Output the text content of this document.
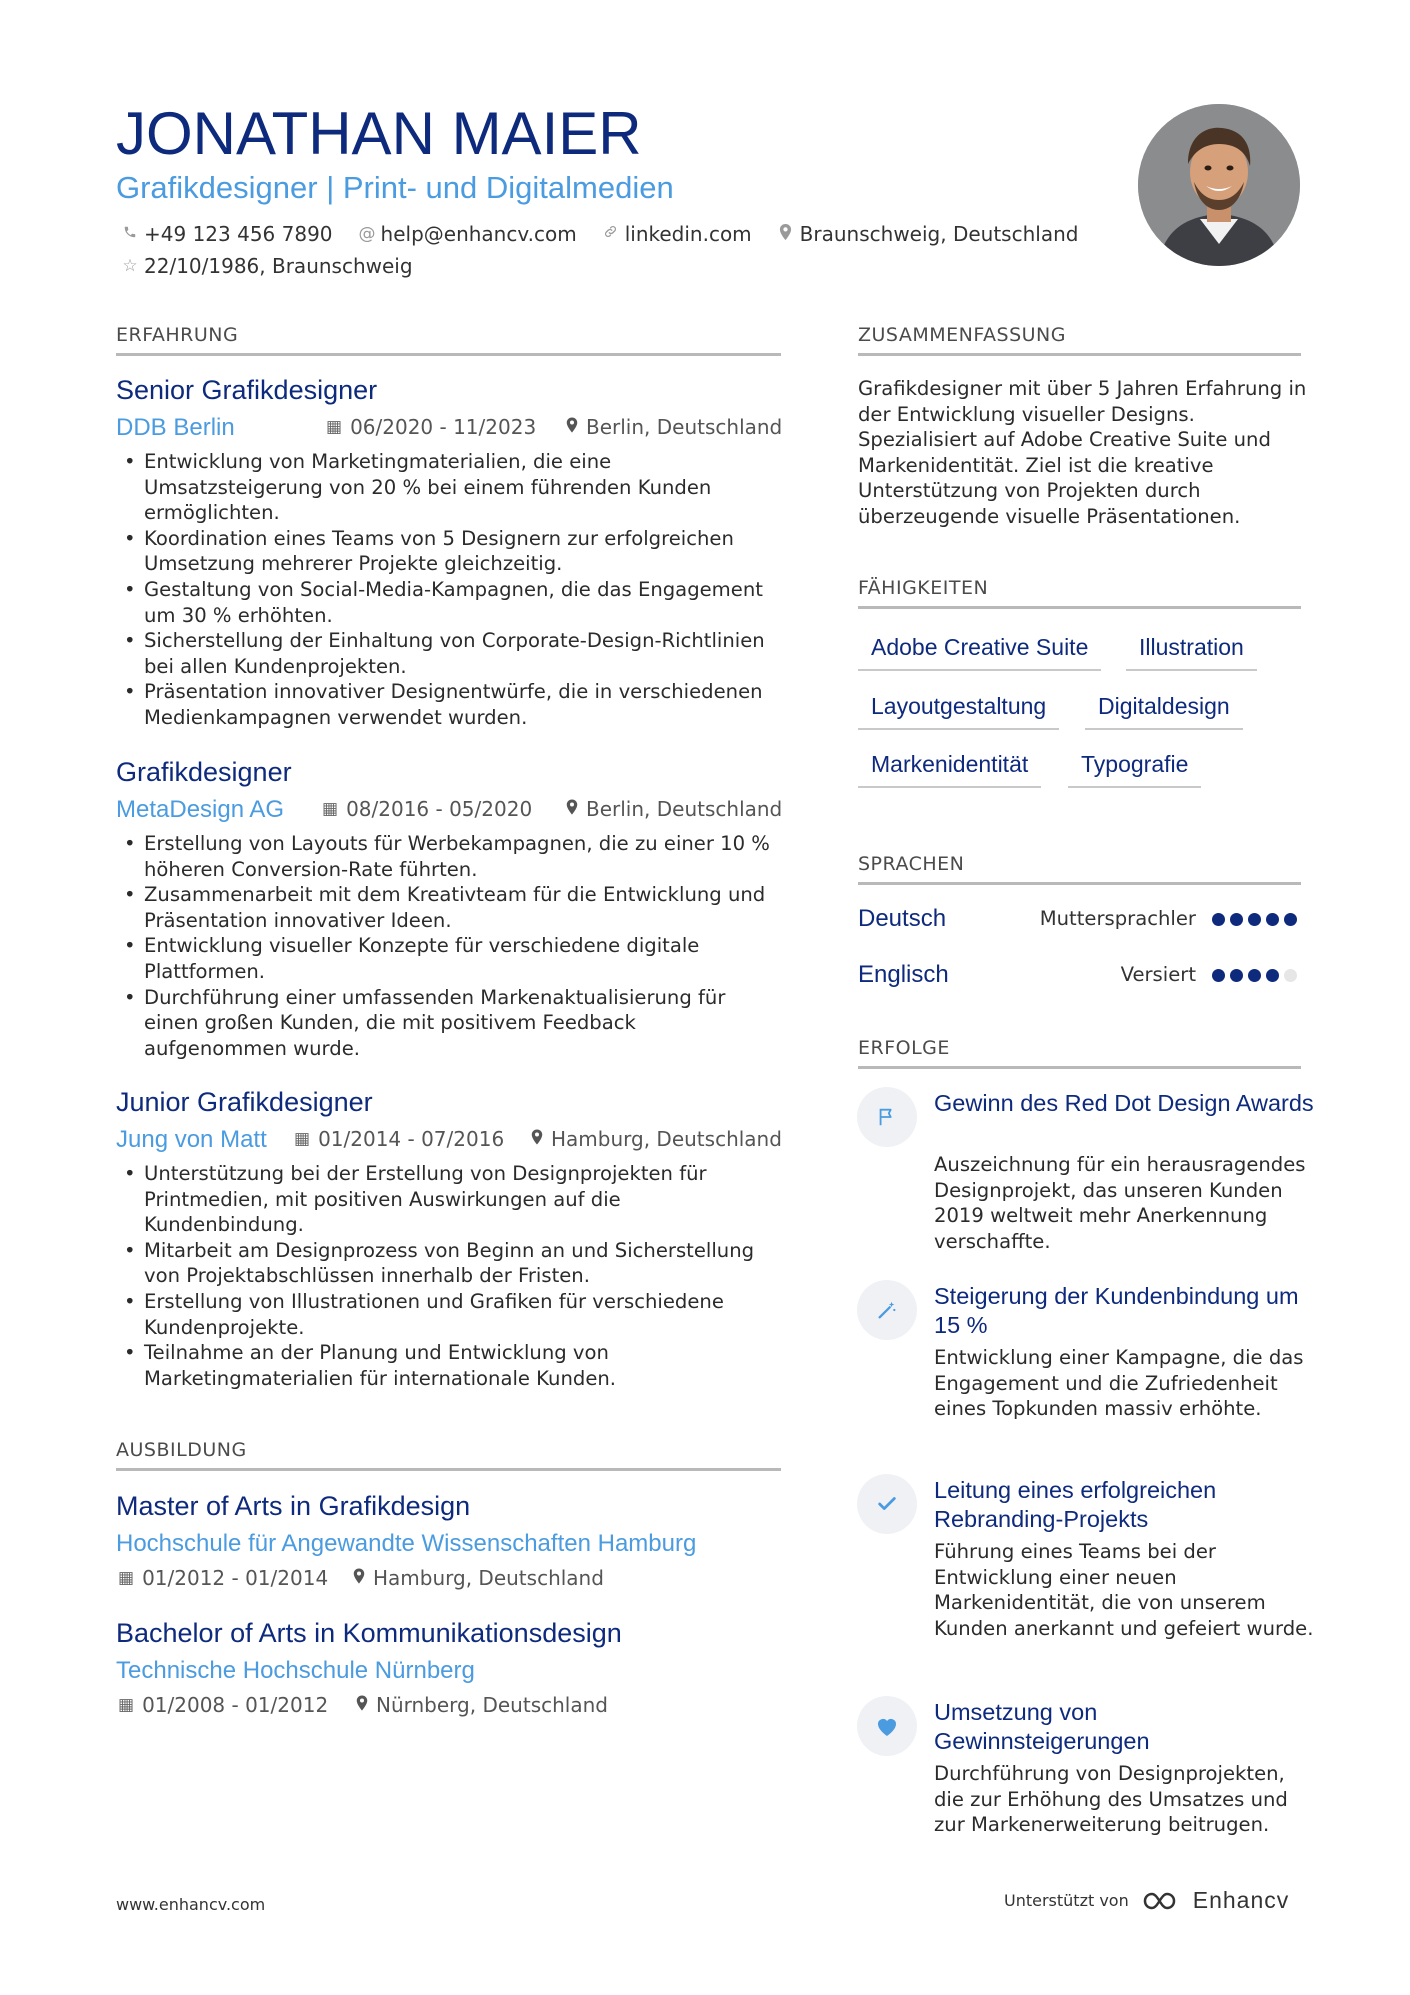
JONATHAN MAIER
Grafikdesigner | Print- und Digitalmedien
+49 123 456 7890 @ help@enhancv.com linkedin.com Braunschweig, Deutschland
☆ 22/10/1986, Braunschweig
ERFAHRUNG
Senior Grafikdesigner
DDB Berlin	▦ 06/2020 - 11/2023 Berlin, Deutschland
• Entwicklung von Marketingmaterialien, die eine Umsatzsteigerung von 20 % bei einem führenden Kunden ermöglichten.
• Koordination eines Teams von 5 Designern zur erfolgreichen Umsetzung mehrerer Projekte gleichzeitig.
• Gestaltung von Social-Media-Kampagnen, die das Engagement um 30 % erhöhten.
• Sicherstellung der Einhaltung von Corporate-Design-Richtlinien bei allen Kundenprojekten.
• Präsentation innovativer Designentwürfe, die in verschiedenen Medienkampagnen verwendet wurden.
Grafikdesigner
MetaDesign AG ▦ 08/2016 - 05/2020	Berlin, Deutschland
• Erstellung von Layouts für Werbekampagnen, die zu einer 10 % höheren Conversion-Rate führten.
• Zusammenarbeit mit dem Kreativteam für die Entwicklung und Präsentation innovativer Ideen.
• Entwicklung visueller Konzepte für verschiedene digitale Plattformen.
• Durchführung einer umfassenden Markenaktualisierung für einen großen Kunden, die mit positivem Feedback aufgenommen wurde.
Junior Grafikdesigner
Jung von Matt ▦ 01/2014 - 07/2016 Hamburg, Deutschland
• Unterstützung bei der Erstellung von Designprojekten für Printmedien, mit positiven Auswirkungen auf die Kundenbindung.
• Mitarbeit am Designprozess von Beginn an und Sicherstellung von Projektabschlüssen innerhalb der Fristen.
• Erstellung von Illustrationen und Grafiken für verschiedene Kundenprojekte.
• Teilnahme an der Planung und Entwicklung von Marketingmaterialien für internationale Kunden.
AUSBILDUNG
Master of Arts in Grafikdesign
Hochschule für Angewandte Wissenschaften Hamburg
▦ 01/2012 - 01/2014 Hamburg, Deutschland
Bachelor of Arts in Kommunikationsdesign
Technische Hochschule Nürnberg
▦ 01/2008 - 01/2012 Nürnberg, Deutschland
ZUSAMMENFASSUNG
Grafikdesigner mit über 5 Jahren Erfahrung in der Entwicklung visueller Designs. Spezialisiert auf Adobe Creative Suite und Markenidentität. Ziel ist die kreative Unterstützung von Projekten durch überzeugende visuelle Präsentationen.
FÄHIGKEITEN
Adobe Creative Suite	Illustration
Layoutgestaltung	Digitaldesign
Markenidentität	Typografie
SPRACHEN
Deutsch	Muttersprachler
Englisch	Versiert
ERFOLGE
Gewinn des Red Dot Design Awards
Auszeichnung für ein herausragendes Designprojekt, das unseren Kunden 2019 weltweit mehr Anerkennung verschaffte.
Steigerung der Kundenbindung um 15 %
Entwicklung einer Kampagne, die das Engagement und die Zufriedenheit eines Topkunden massiv erhöhte.
Leitung eines erfolgreichen Rebranding-Projekts
Führung eines Teams bei der Entwicklung einer neuen Markenidentität, die von unserem Kunden anerkannt und gefeiert wurde.
Umsetzung von Gewinnsteigerungen
Durchführung von Designprojekten, die zur Erhöhung des Umsatzes und zur Markenerweiterung beitrugen.
www.enhancv.com	Unterstützt von	Enhancv
